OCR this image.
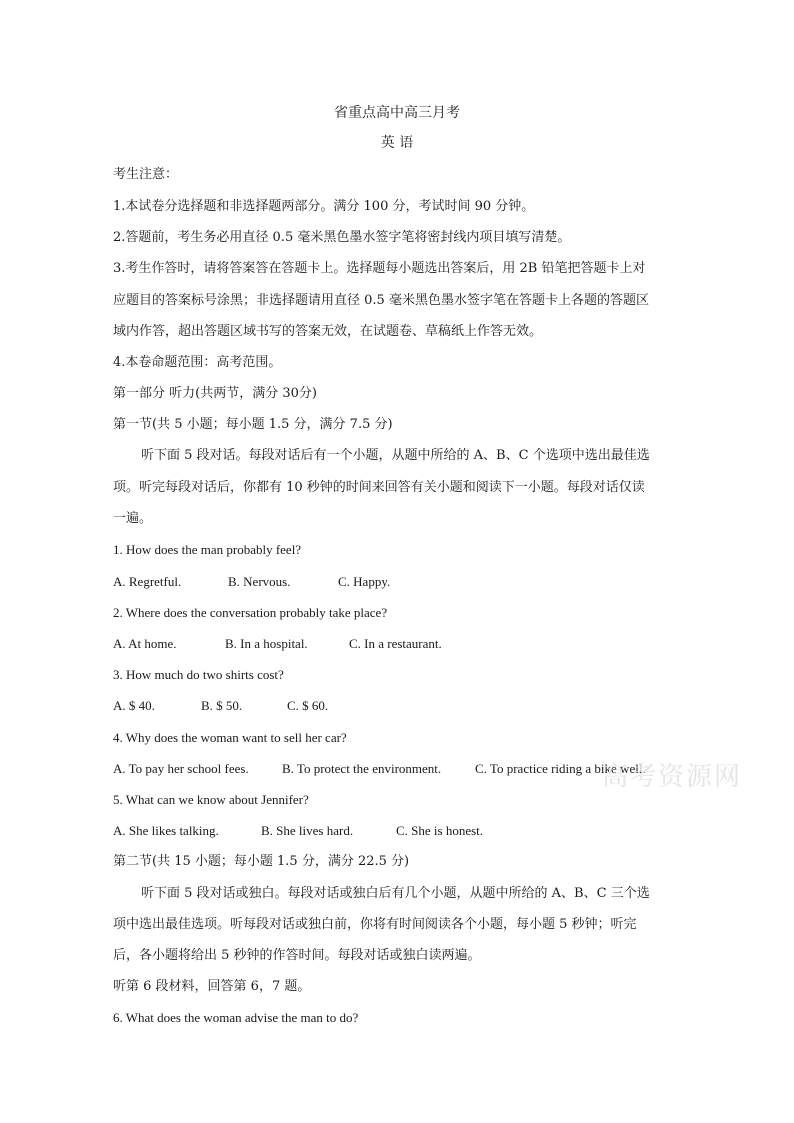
省重点高中高三月考
英 语
考生注意：
1.本试卷分选择题和非选择题两部分。满分 100 分，考试时间 90 分钟。
2.答题前，考生务必用直径 0.5 毫米黑色墨水签字笔将密封线内项目填写清楚。
3.考生作答时，请将答案答在答题卡上。选择题每小题选出答案后，用 2B 铅笔把答题卡上对
应题目的答案标号涂黑；非选择题请用直径 0.5 毫米黑色墨水签字笔在答题卡上各题的答题区
域内作答，超出答题区域书写的答案无效，在试题卷、草稿纸上作答无效。
4.本卷命题范围：高考范围。
第一部分 听力(共两节，满分 30分)
第一节(共 5 小题；每小题 1.5 分，满分 7.5 分)
听下面 5 段对话。每段对话后有一个小题，从题中所给的 A、B、C 个选项中选出最佳选
项。听完每段对话后，你都有 10 秒钟的时间来回答有关小题和阅读下一小题。每段对话仅读
一遍。
1. How does the man probably feel?
A. Regretful.	B. Nervous.	C. Happy.
2. Where does the conversation probably take place?
A. At home.	B. In a hospital.	C. In a restaurant.
3. How much do two shirts cost?
A. $ 40.	B. $ 50.	C. $ 60.
4. Why does the woman want to sell her car?
A. To pay her school fees.	B. To protect the environment.	C. To practice riding a bike well.
5. What can we know about Jennifer?
A. She likes talking.	B. She lives hard.	C. She is honest.
第二节(共 15 小题；每小题 1.5 分，满分 22.5 分)
听下面 5 段对话或独白。每段对话或独白后有几个小题，从题中所给的 A、B、C 三个选
项中选出最佳选项。听每段对话或独白前，你将有时间阅读各个小题，每小题 5 秒钟；听完
后，各小题将给出 5 秒钟的作答时间。每段对话或独白读两遍。
听第 6 段材料，回答第 6，7 题。
6. What does the woman advise the man to do?
高考资源网
